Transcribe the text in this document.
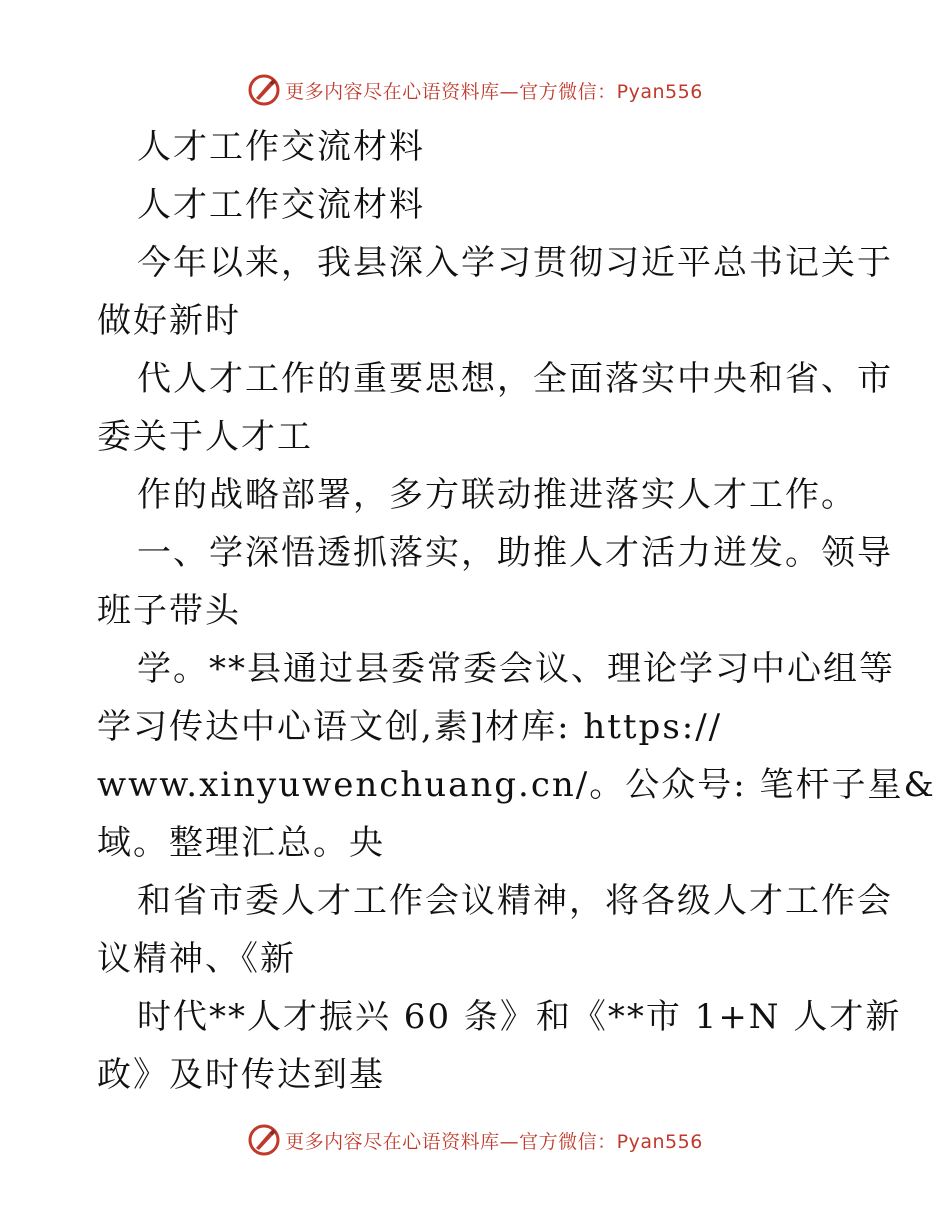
更多内容尽在心语资料库—官方微信：Pyan556
人才工作交流材料
人才工作交流材料
今年以来，我县深入学习贯彻习近平总书记关于
做好新时
代人才工作的重要思想，全面落实中央和省、市
委关于人才工
作的战略部署，多方联动推进落实人才工作。
一、学深悟透抓落实，助推人才活力迸发。领导
班子带头
学。**县通过县委常委会议、理论学习中心组等
学习传达中心语文创,素]材库: https://
www.xinyuwenchuang.cn/。公众号: 笔杆子星&
域。整理汇总。央
和省市委人才工作会议精神，将各级人才工作会
议精神、《新
时代**人才振兴 60 条》和《**市 1+N 人才新
政》及时传达到基
更多内容尽在心语资料库—官方微信：Pyan556
